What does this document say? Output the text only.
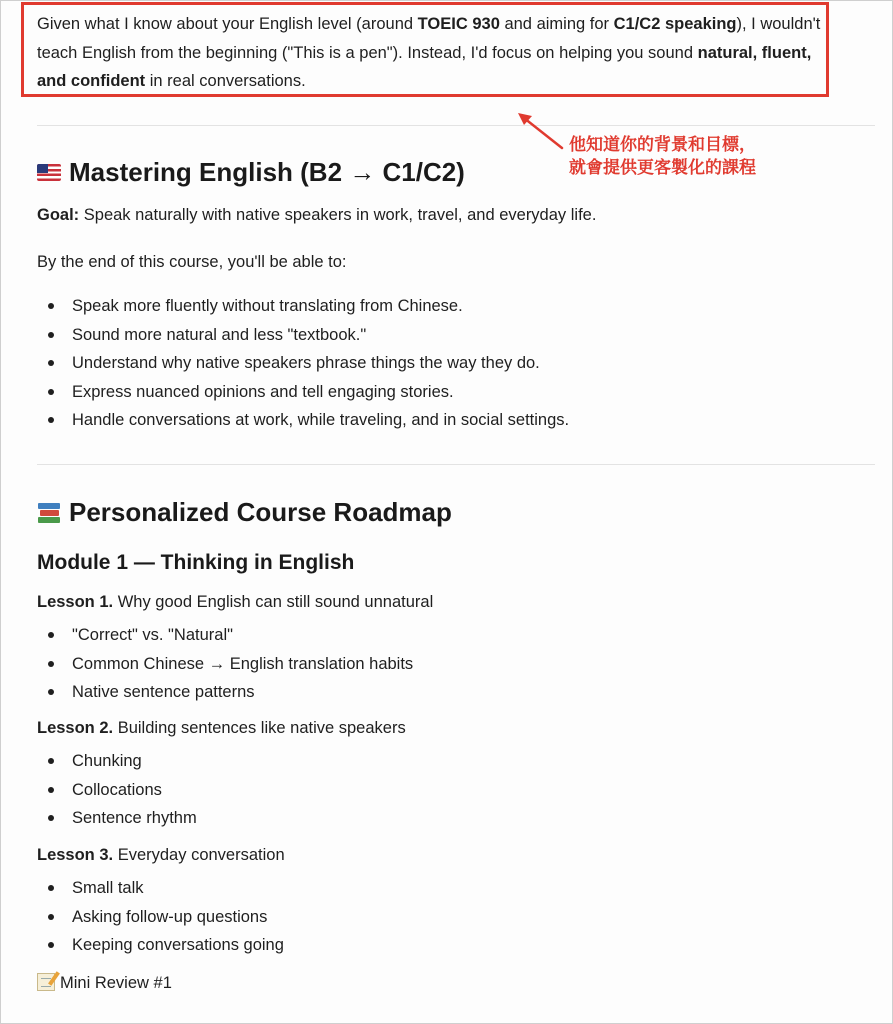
Given what I know about your English level (around TOEIC 930 and aiming for C1/C2 speaking), I wouldn't teach English from the beginning ("This is a pen"). Instead, I'd focus on helping you sound natural, fluent, and confident in real conversations.
他知道你的背景和目標，
就會提供更客製化的課程
Mastering English (B2 → C1/C2)
Goal: Speak naturally with native speakers in work, travel, and everyday life.
By the end of this course, you'll be able to:
Speak more fluently without translating from Chinese.
Sound more natural and less "textbook."
Understand why native speakers phrase things the way they do.
Express nuanced opinions and tell engaging stories.
Handle conversations at work, while traveling, and in social settings.
Personalized Course Roadmap
Module 1 — Thinking in English
Lesson 1. Why good English can still sound unnatural
"Correct" vs. "Natural"
Common Chinese → English translation habits
Native sentence patterns
Lesson 2. Building sentences like native speakers
Chunking
Collocations
Sentence rhythm
Lesson 3. Everyday conversation
Small talk
Asking follow-up questions
Keeping conversations going
Mini Review #1
